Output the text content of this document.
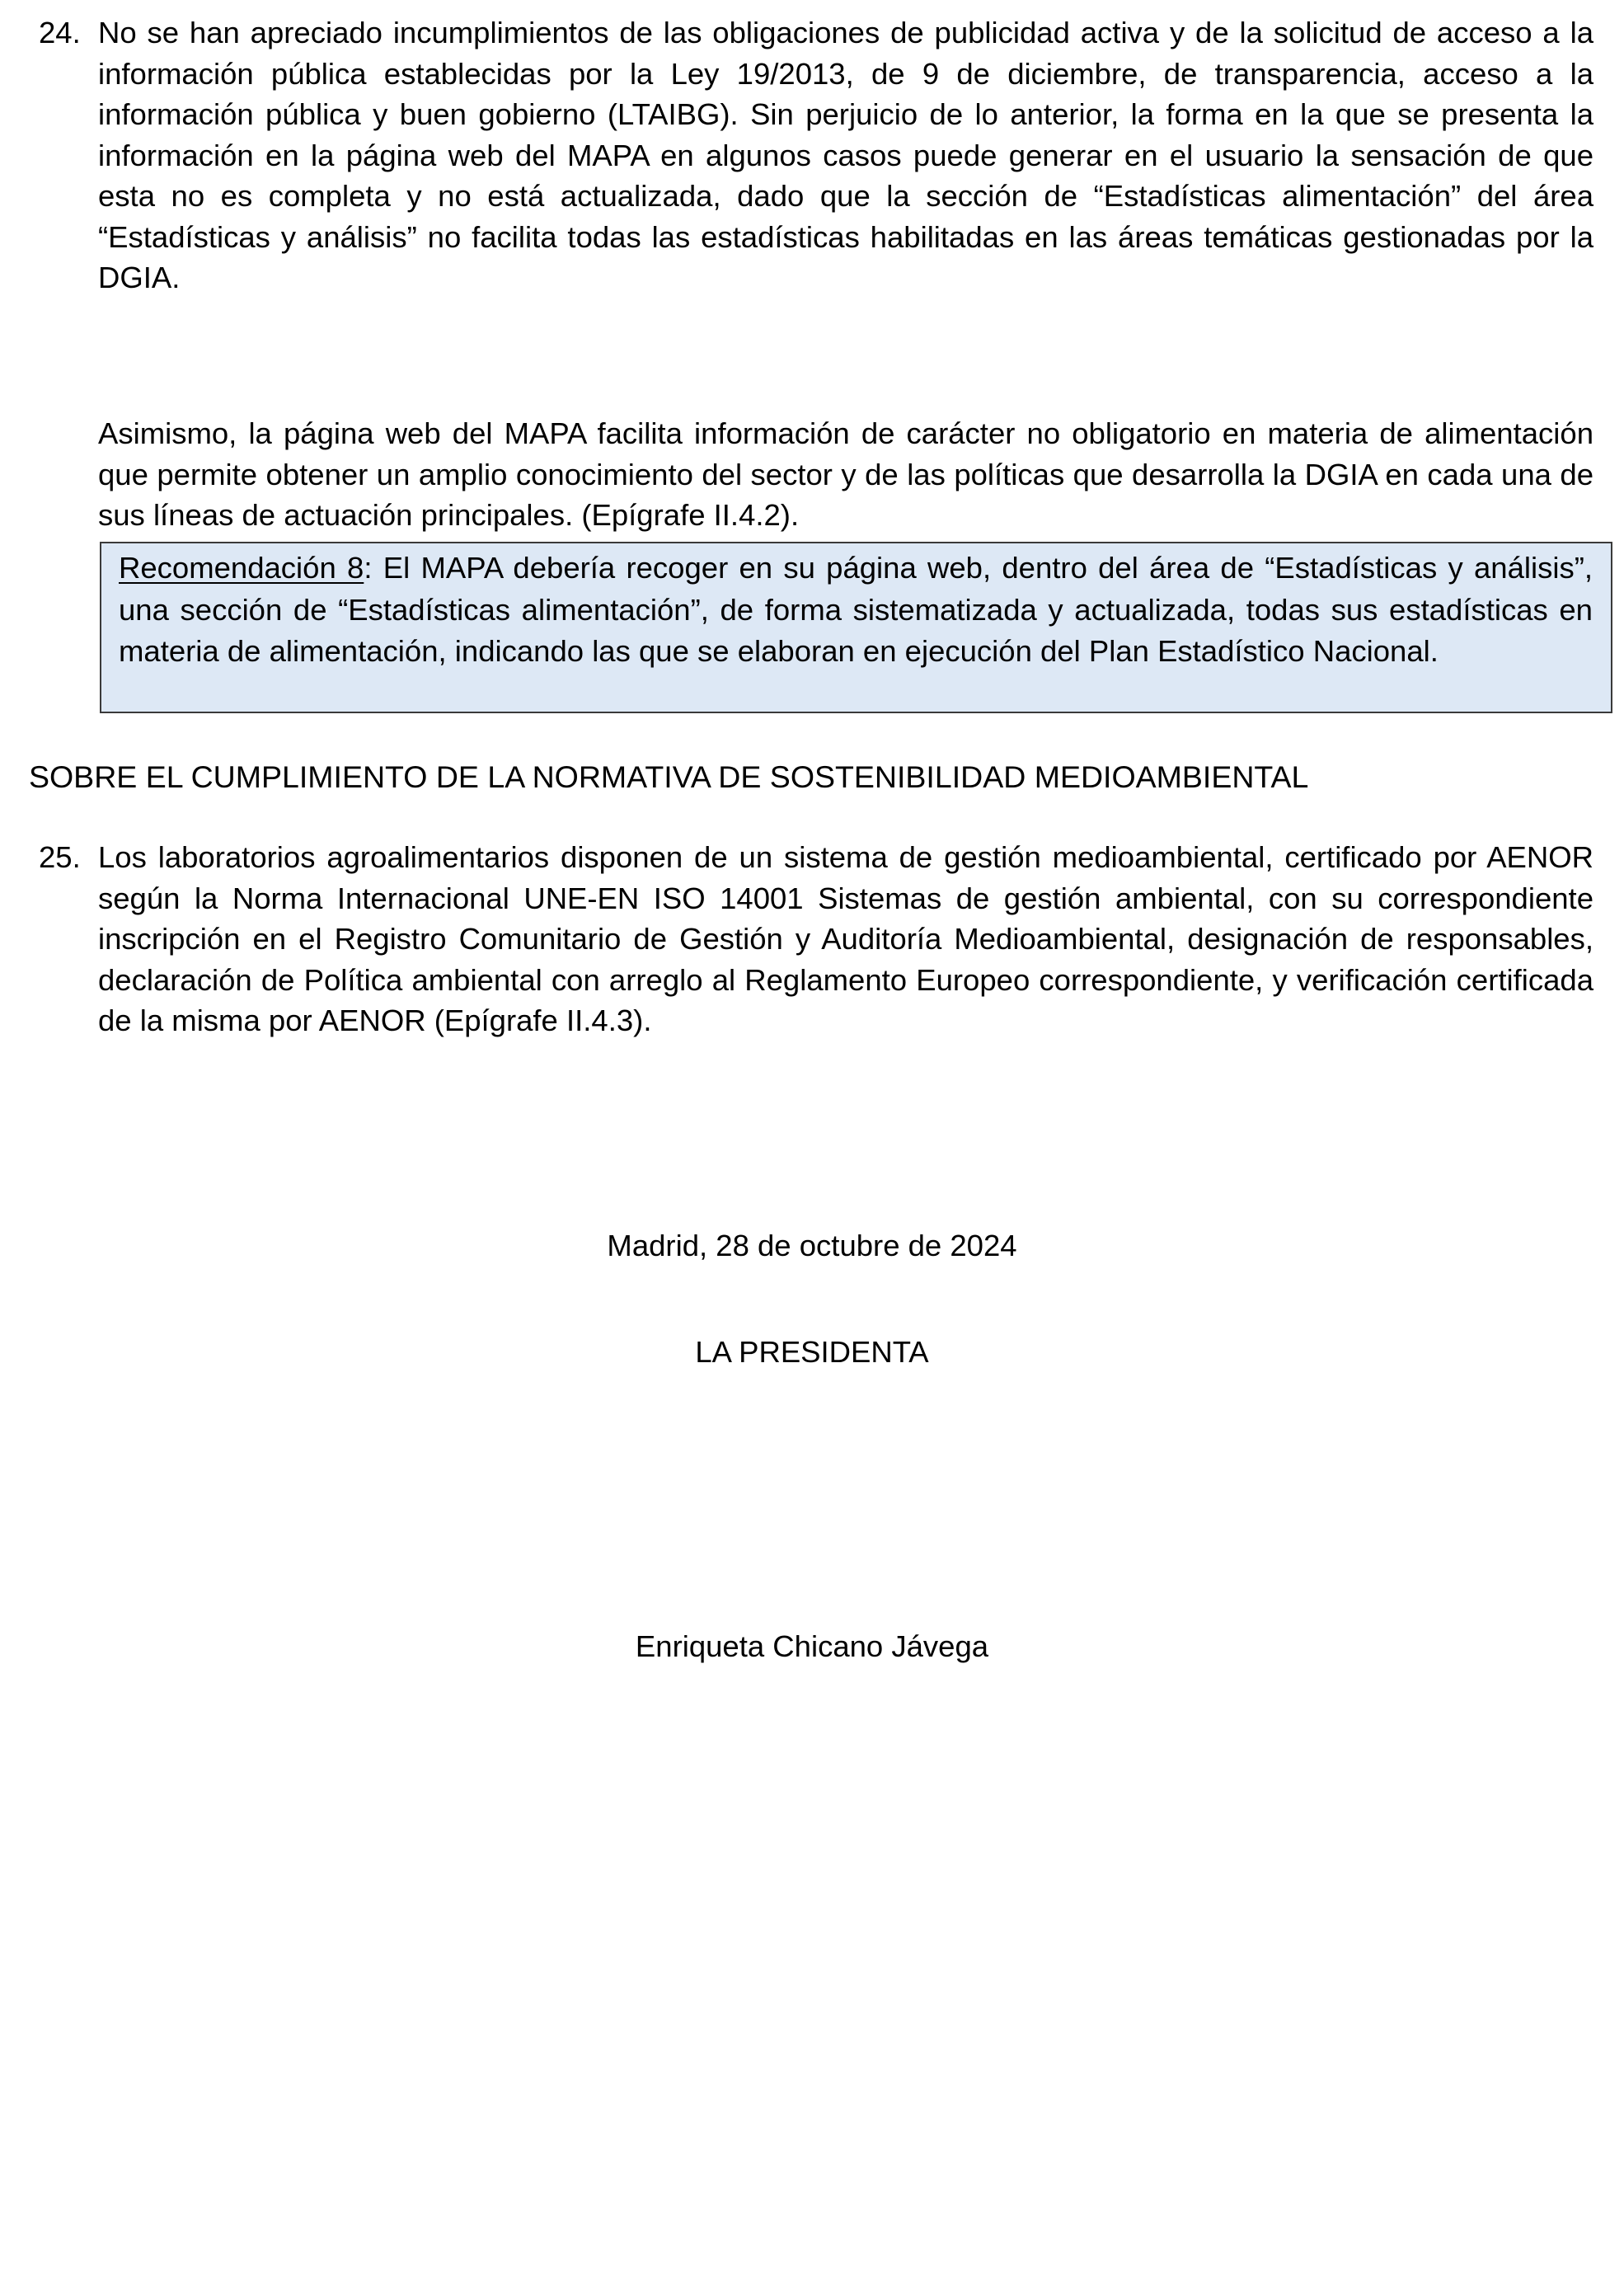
24. No se han apreciado incumplimientos de las obligaciones de publicidad activa y de la solicitud de acceso a la información pública establecidas por la Ley 19/2013, de 9 de diciembre, de transparencia, acceso a la información pública y buen gobierno (LTAIBG). Sin perjuicio de lo anterior, la forma en la que se presenta la información en la página web del MAPA en algunos casos puede generar en el usuario la sensación de que esta no es completa y no está actualizada, dado que la sección de “Estadísticas alimentación” del área “Estadísticas y análisis” no facilita todas las estadísticas habilitadas en las áreas temáticas gestionadas por la DGIA.
Asimismo, la página web del MAPA facilita información de carácter no obligatorio en materia de alimentación que permite obtener un amplio conocimiento del sector y de las políticas que desarrolla la DGIA en cada una de sus líneas de actuación principales. (Epígrafe II.4.2).
Recomendación 8: El MAPA debería recoger en su página web, dentro del área de “Estadísticas y análisis”, una sección de “Estadísticas alimentación”, de forma sistematizada y actualizada, todas sus estadísticas en materia de alimentación, indicando las que se elaboran en ejecución del Plan Estadístico Nacional.
SOBRE EL CUMPLIMIENTO DE LA NORMATIVA DE SOSTENIBILIDAD MEDIOAMBIENTAL
25. Los laboratorios agroalimentarios disponen de un sistema de gestión medioambiental, certificado por AENOR según la Norma Internacional UNE-EN ISO 14001 Sistemas de gestión ambiental, con su correspondiente inscripción en el Registro Comunitario de Gestión y Auditoría Medioambiental, designación de responsables, declaración de Política ambiental con arreglo al Reglamento Europeo correspondiente, y verificación certificada de la misma por AENOR (Epígrafe II.4.3).
Madrid, 28 de octubre de 2024
LA PRESIDENTA
Enriqueta Chicano Jávega
